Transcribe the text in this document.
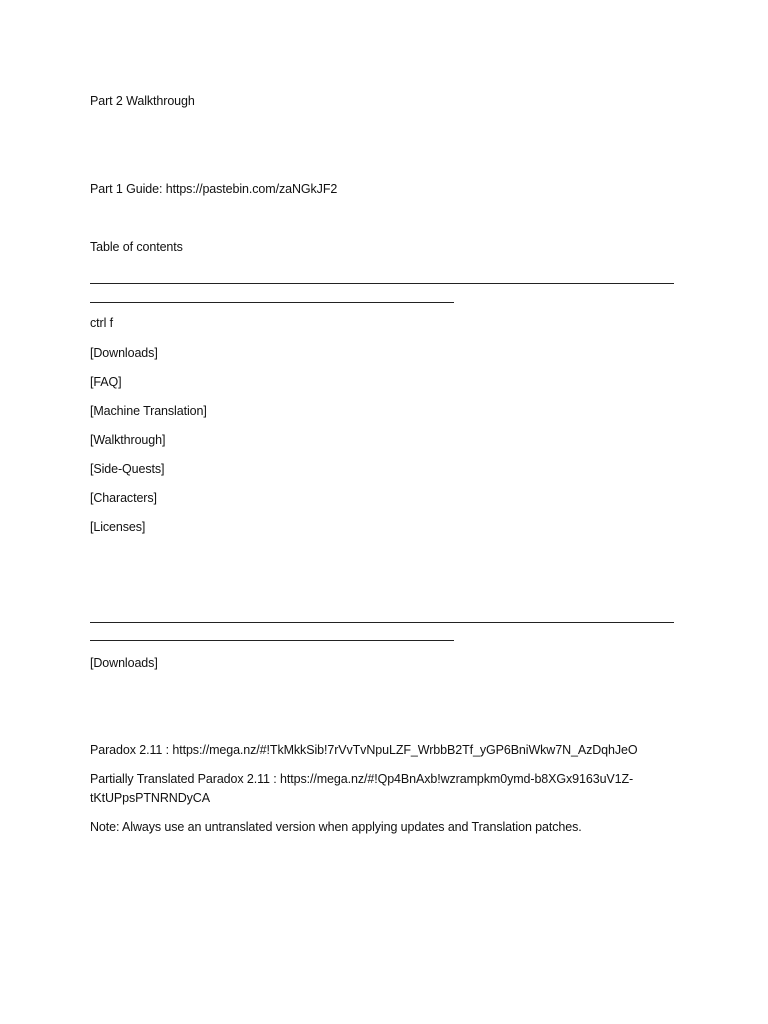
Part 2 Walkthrough
Part 1 Guide: https://pastebin.com/zaNGkJF2
Table of contents
ctrl f
[Downloads]
[FAQ]
[Machine Translation]
[Walkthrough]
[Side-Quests]
[Characters]
[Licenses]
[Downloads]
Paradox 2.11 : https://mega.nz/#!TkMkkSib!7rVvTvNpuLZF_WrbbB2Tf_yGP6BniWkw7N_AzDqhJeO
Partially Translated Paradox 2.11 : https://mega.nz/#!Qp4BnAxb!wzrampkm0ymd-b8XGx9163uV1Z-
tKtUPpsPTNRNDyCA
Note: Always use an untranslated version when applying updates and Translation patches.
